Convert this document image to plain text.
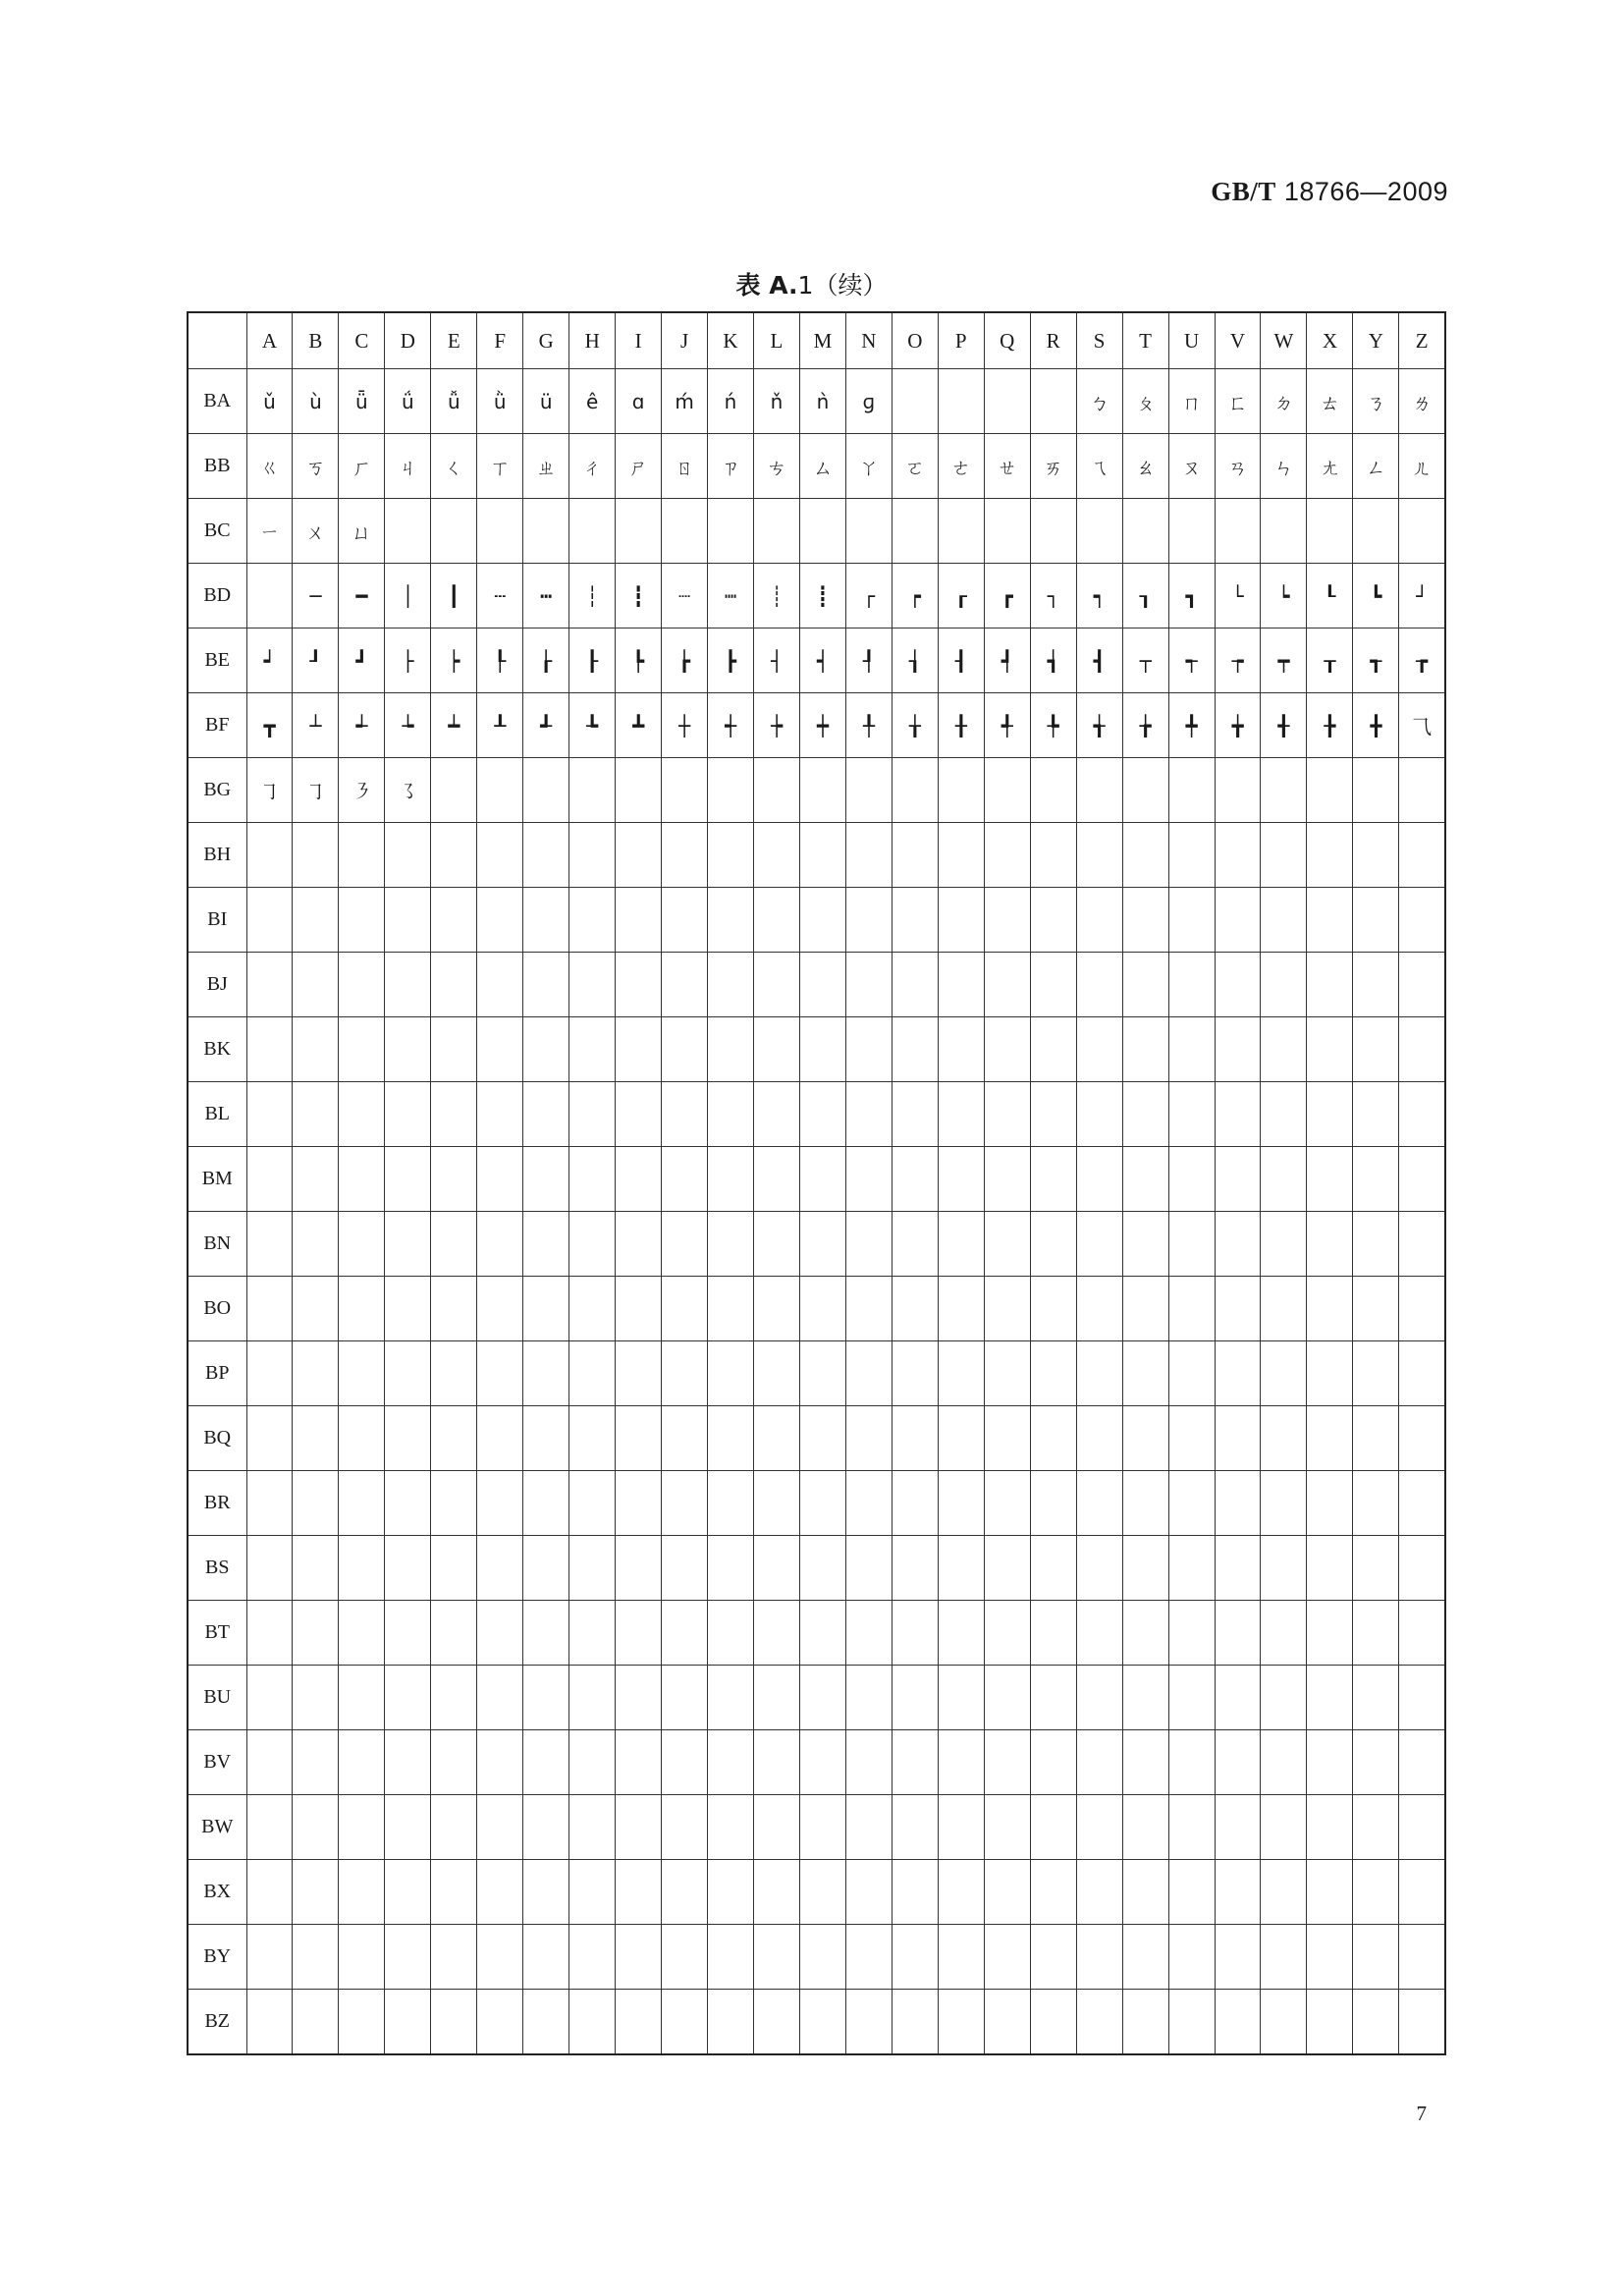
GB/T 18766—2009
表 A.1（续）
	A	B	C	D	E	F	G	H	I	J	K	L	M	N	O	P	Q	R	S	T	U	V	W	X	Y	Z
BA	ǔ	ù	ǖ	ǘ	ǚ	ǜ	ü	ê	ɑ	ḿ	ń	ň	ǹ	ɡ					ㄅ	ㄆ	ㄇ	ㄈ	ㄉ	ㄊ	ㄋ	ㄌ
BB	ㄍ	ㄎ	ㄏ	ㄐ	ㄑ	ㄒ	ㄓ	ㄔ	ㄕ	ㄖ	ㄗ	ㄘ	ㄙ	ㄚ	ㄛ	ㄜ	ㄝ	ㄞ	ㄟ	ㄠ	ㄡ	ㄢ	ㄣ	ㄤ	ㄥ	ㄦ
BC	ㄧ	ㄨ	ㄩ																							
BD		─	━	│	┃	┄	┅	┆	┇	┈	┉	┊	┋	┌	┍	┎	┏	┐	┑	┒	┓	└	┕	┖	┗	┘
BE	┙	┚	┛	├	┝	┞	┟	┠	┡	┢	┣	┤	┥	┦	┧	┨	┩	┪	┫	┬	┭	┮	┯	┰	┱	┲
BF	┳	┴	┵	┶	┷	┸	┹	┺	┻	┼	┽	┾	┿	╀	╁	╂	╃	╄	╅	╆	╇	╈	╉	╊	╋	⺄
BG	㇆	㇆	㇋	㇌																						
BH																										
BI																										
BJ																										
BK																										
BL																										
BM																										
BN																										
BO																										
BP																										
BQ																										
BR																										
BS																										
BT																										
BU																										
BV																										
BW																										
BX																										
BY																										
BZ																										
7
